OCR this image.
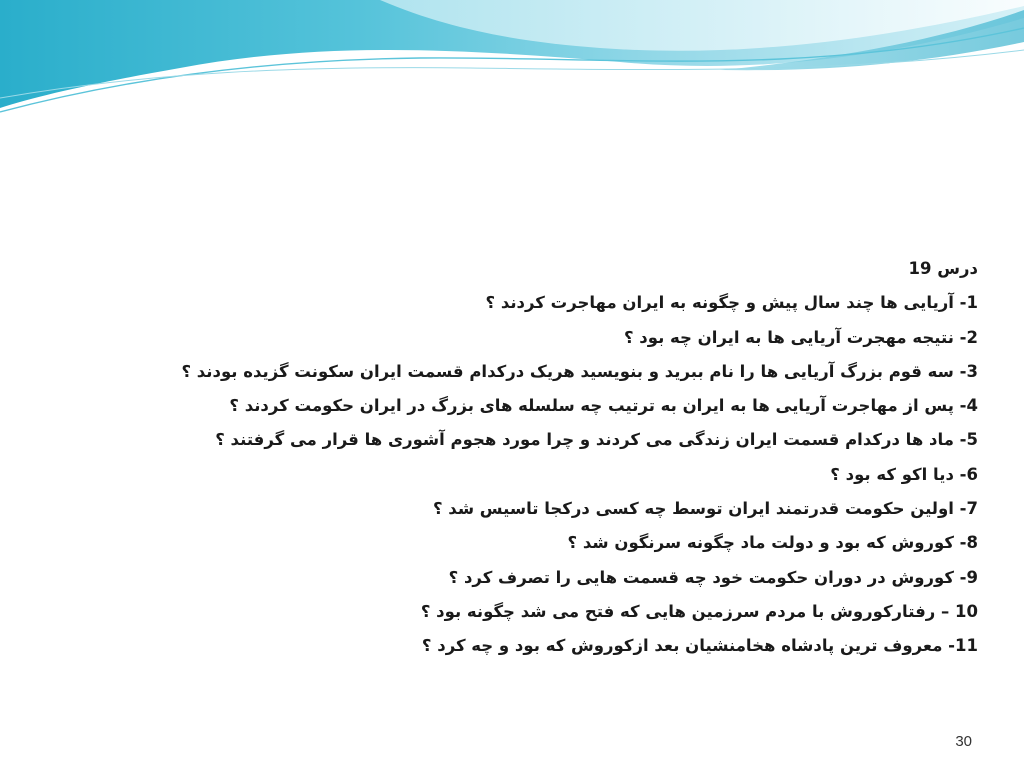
درس 19
1- آریایی ها چند سال پیش و چگونه به ایران مهاجرت کردند ؟
2- نتیجه مهجرت آریایی ها به ایران چه بود ؟
3- سه قوم بزرگ آریایی ها را نام ببرید و بنویسید هریک درکدام قسمت ایران سکونت گزیده بودند ؟
4- پس از مهاجرت آریایی ها به ایران به ترتیب چه سلسله های بزرگ در ایران حکومت کردند ؟
5- ماد ها درکدام قسمت ایران زندگی می کردند و چرا مورد هجوم آشوری ها قرار می گرفتند ؟
6- دیا اکو که بود ؟
7- اولین حکومت قدرتمند ایران توسط چه کسی درکجا تاسیس شد ؟
8- کوروش که بود و دولت ماد چگونه سرنگون شد ؟
9- کوروش در دوران حکومت خود چه قسمت هایی را تصرف کرد ؟
10 – رفتارکوروش با مردم سرزمین هایی که فتح می شد چگونه بود ؟
11- معروف ترین پادشاه هخامنشیان بعد ازکوروش که بود و چه کرد ؟
30
